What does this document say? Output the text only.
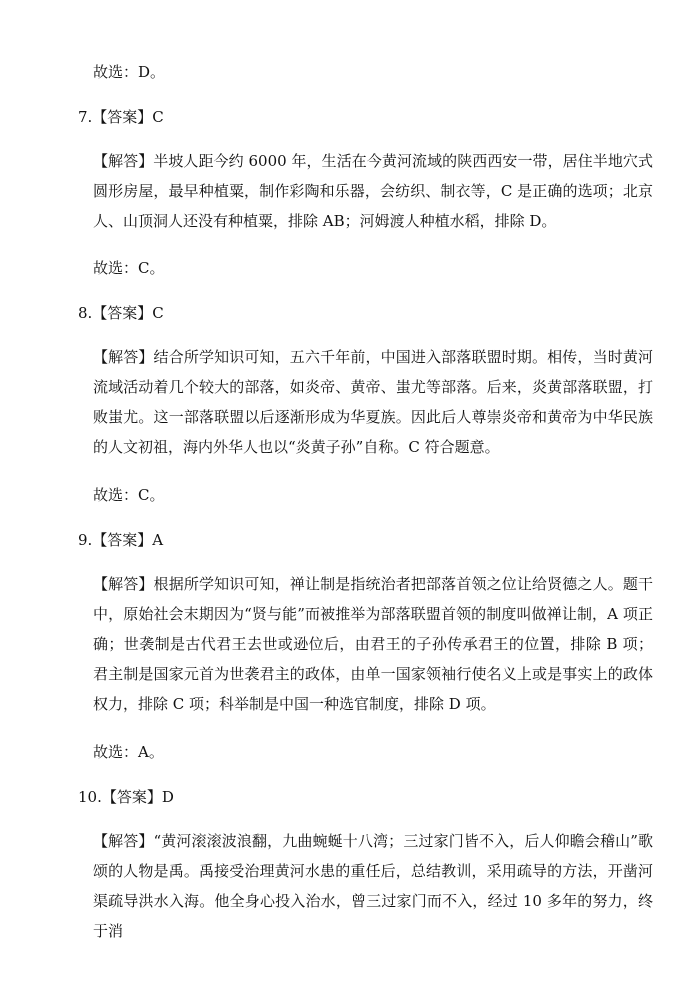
故选：D。

7.【答案】C

【解答】半坡人距今约 6000 年，生活在今黄河流域的陕西西安一带，居住半地穴式圆形房屋，最早种植粟，制作彩陶和乐器，会纺织、制衣等，C 是正确的选项；北京人、山顶洞人还没有种植粟，排除 AB；河姆渡人种植水稻，排除 D。

故选：C。

8.【答案】C

【解答】结合所学知识可知，五六千年前，中国进入部落联盟时期。相传，当时黄河流域活动着几个较大的部落，如炎帝、黄帝、蚩尤等部落。后来，炎黄部落联盟，打败蚩尤。这一部落联盟以后逐渐形成为华夏族。因此后人尊崇炎帝和黄帝为中华民族的人文初祖，海内外华人也以“炎黄子孙”自称。C 符合题意。

故选：C。

9.【答案】A

【解答】根据所学知识可知，禅让制是指统治者把部落首领之位让给贤德之人。题干中，原始社会末期因为“贤与能”而被推举为部落联盟首领的制度叫做禅让制，A 项正确；世袭制是古代君王去世或逊位后，由君王的子孙传承君王的位置，排除 B 项；君主制是国家元首为世袭君主的政体，由单一国家领袖行使名义上或是事实上的政体权力，排除 C 项；科举制是中国一种选官制度，排除 D 项。

故选：A。

10.【答案】D

【解答】“黄河滚滚波浪翻，九曲蜿蜒十八湾；三过家门皆不入，后人仰瞻会稽山”歌颂的人物是禹。禹接受治理黄河水患的重任后，总结教训，采用疏导的方法，开凿河渠疏导洪水入海。他全身心投入治水，曾三过家门而不入，经过 10 多年的努力，终于消
